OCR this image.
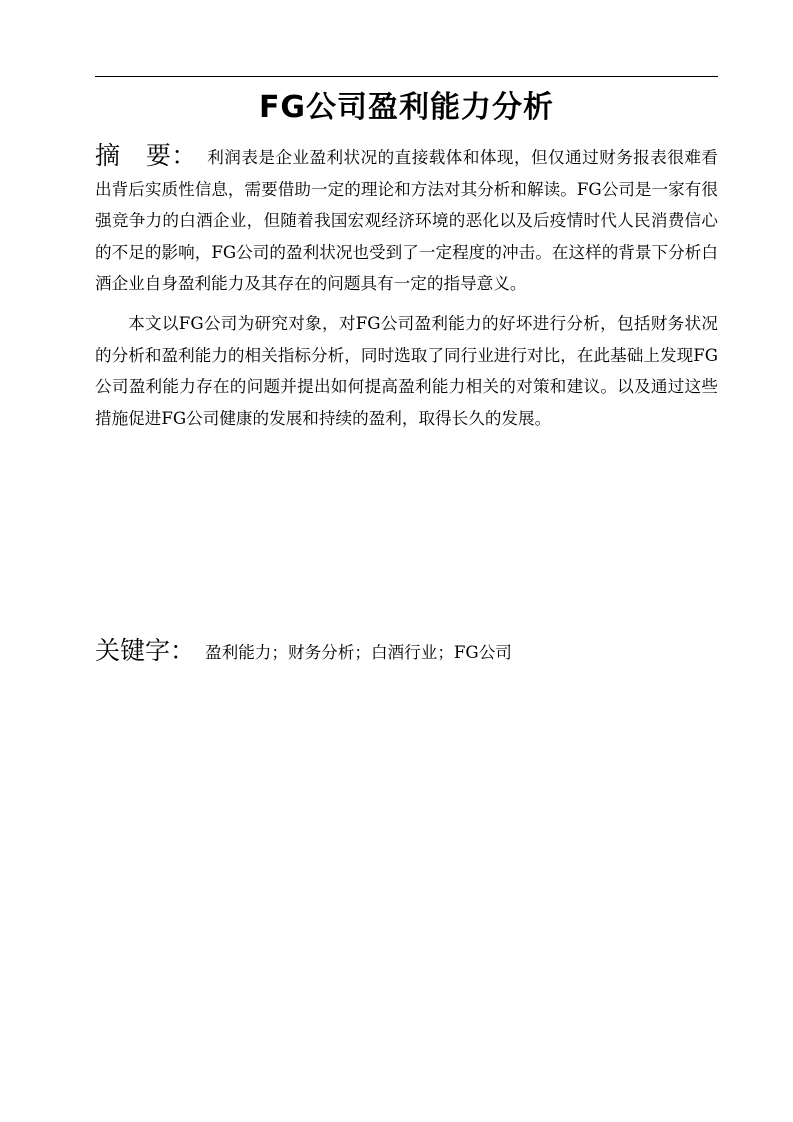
FG公司盈利能力分析

摘　要： 利润表是企业盈利状况的直接载体和体现，但仅通过财务报表很难看出背后实质性信息，需要借助一定的理论和方法对其分析和解读。FG公司是一家有很强竞争力的白酒企业，但随着我国宏观经济环境的恶化以及后疫情时代人民消费信心的不足的影响，FG公司的盈利状况也受到了一定程度的冲击。在这样的背景下分析白酒企业自身盈利能力及其存在的问题具有一定的指导意义。

本文以FG公司为研究对象，对FG公司盈利能力的好坏进行分析，包括财务状况的分析和盈利能力的相关指标分析，同时选取了同行业进行对比，在此基础上发现FG公司盈利能力存在的问题并提出如何提高盈利能力相关的对策和建议。以及通过这些措施促进FG公司健康的发展和持续的盈利，取得长久的发展。

关键字： 盈利能力；财务分析；白酒行业；FG公司
